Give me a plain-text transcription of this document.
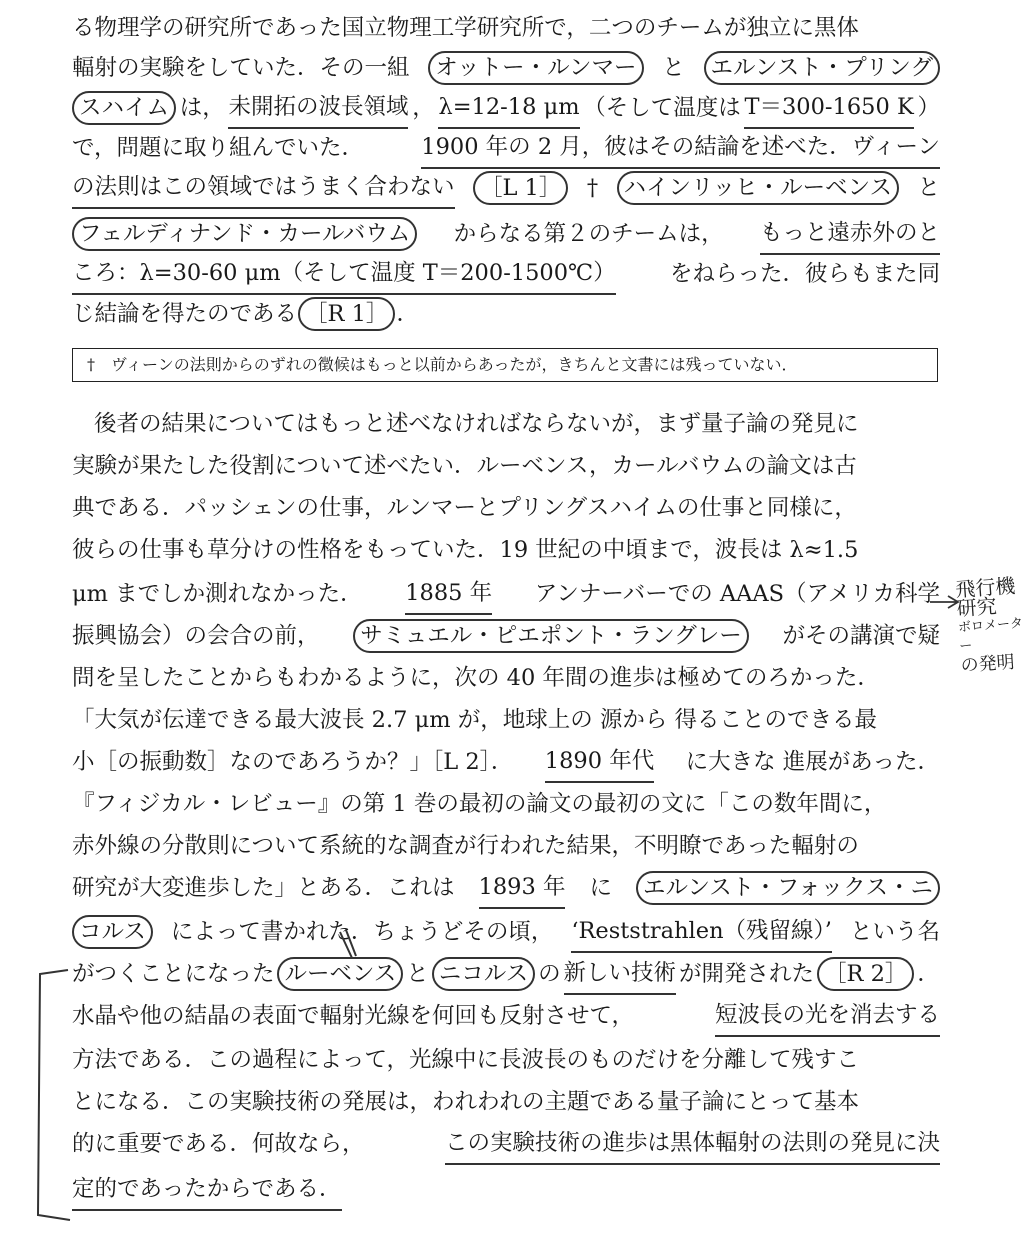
る物理学の研究所であった国立物理工学研究所で，二つのチームが独立に黒体
輻射の実験をしていた．その一組	オットー・ルンマー	と	エルンスト・プリング
スハイム は， 未開拓の波長領域 ， λ=12-18 μm （そして温度は T＝300-1650 K ）
で，問題に取り組んでいた．	1900 年の 2 月，彼はその結論を述べた．ヴィーン
の法則はこの領域ではうまく合わない	［L 1］	†	ハインリッヒ・ルーベンス	と
フェルディナンド・カールバウム	からなる第２のチームは， もっと遠赤外のと
ころ：λ=30-60 μm（そして温度 T＝200-1500℃） をねらった．彼らもまた同
じ結論を得たのである ［R 1］ ．
後者の結果についてはもっと述べなければならないが，まず量子論の発見に
実験が果たした役割について述べたい．ルーベンス，カールバウムの論文は古
典である．パッシェンの仕事，ルンマーとプリングスハイムの仕事と同様に，
彼らの仕事も草分けの性格をもっていた．19 世紀の中頃まで，波長は λ≈1.5
μm までしか測れなかった． 1885 年 アンナーバーでの AAAS（アメリカ科学
振興協会）の会合の前，	サミュエル・ピエポント・ラングレー	がその講演で疑
問を呈したことからもわかるように，次の 40 年間の進歩は極めてのろかった．
「大気が伝達できる最大波長 2.7 μm が，地球上の 源から 得ることのできる最
小［の振動数］なのであろうか？」［L 2］． 1890 年代 に大きな 進展があった．
『フィジカル・レビュー』の第 1 巻の最初の論文の最初の文に「この数年間に，
赤外線の分散則について系統的な調査が行われた結果，不明瞭であった輻射の
研究が大変進歩した」とある．これは 1893 年 に	エルンスト・フォックス・ニ
コルス	によって書かれた．ちょうどその頃， ‘Reststrahlen（残留線）’ という名
がつくことになった ルーベンス と ニコルス の 新しい技術 が開発された ［R 2］ ．
水晶や他の結晶の表面で輻射光線を何回も反射させて，	短波長の光を消去する
方法である．この過程によって，光線中に長波長のものだけを分離して残すこ
とになる．この実験技術の発展は，われわれの主題である量子論にとって基本
的に重要である．何故なら，	この実験技術の進歩は黒体輻射の法則の発見に決
定的であったからである．
†　ヴィーンの法則からのずれの徴候はもっと以前からあったが，きちんと文書には残っていない．
飛行機
研究
ボロメーター
の発明
